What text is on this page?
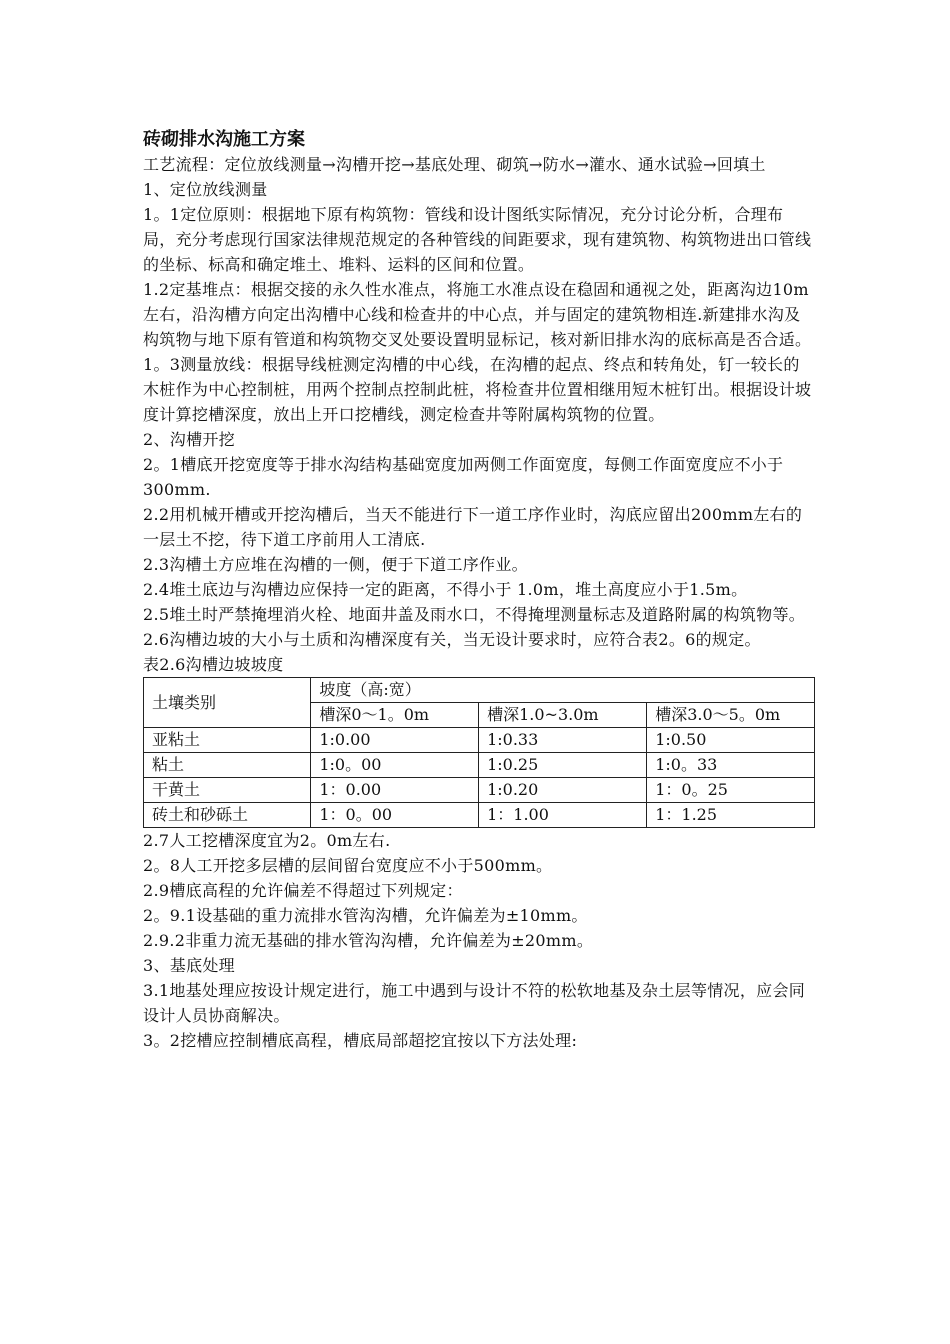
砖砌排水沟施工方案

工艺流程：定位放线测量→沟槽开挖→基底处理、砌筑→防水→灌水、通水试验→回填土

1、定位放线测量

1。1定位原则：根据地下原有构筑物：管线和设计图纸实际情况，充分讨论分析，合理布局，充分考虑现行国家法律规范规定的各种管线的间距要求，现有建筑物、构筑物进出口管线的坐标、标高和确定堆土、堆料、运料的区间和位置。

1.2定基堆点：根据交接的永久性水准点，将施工水准点设在稳固和通视之处，距离沟边10m左右，沿沟槽方向定出沟槽中心线和检查井的中心点，并与固定的建筑物相连.新建排水沟及构筑物与地下原有管道和构筑物交叉处要设置明显标记，核对新旧排水沟的底标高是否合适。

1。3测量放线：根据导线桩测定沟槽的中心线，在沟槽的起点、终点和转角处，钉一较长的木桩作为中心控制桩，用两个控制点控制此桩，将检查井位置相继用短木桩钉出。根据设计坡度计算挖槽深度，放出上开口挖槽线，测定检查井等附属构筑物的位置。

2、沟槽开挖

2。1槽底开挖宽度等于排水沟结构基础宽度加两侧工作面宽度，每侧工作面宽度应不小于300mm.

2.2用机械开槽或开挖沟槽后，当天不能进行下一道工序作业时，沟底应留出200mm左右的一层土不挖，待下道工序前用人工清底.

2.3沟槽土方应堆在沟槽的一侧，便于下道工序作业。

2.4堆土底边与沟槽边应保持一定的距离，不得小于 1.0m，堆土高度应小于1.5m。

2.5堆土时严禁掩埋消火栓、地面井盖及雨水口，不得掩埋测量标志及道路附属的构筑物等。

2.6沟槽边坡的大小与土质和沟槽深度有关，当无设计要求时，应符合表2。6的规定。

表2.6沟槽边坡坡度

土壤类别	坡度（高:宽）		
	槽深0～1。0m	槽深1.0~3.0m	槽深3.0～5。0m
亚粘土	1:0.00	1:0.33	1:0.50
粘土	1:0。00	1:0.25	1:0。33
干黄土	1：0.00	1:0.20	1：0。25
砖土和砂砾土	1：0。00	1：1.00	1：1.25

2.7人工挖槽深度宜为2。0m左右.

2。8人工开挖多层槽的层间留台宽度应不小于500mm。

2.9槽底高程的允许偏差不得超过下列规定：

2。9.1设基础的重力流排水管沟沟槽，允许偏差为±10mm。

2.9.2非重力流无基础的排水管沟沟槽，允许偏差为±20mm。

3、基底处理

3.1地基处理应按设计规定进行，施工中遇到与设计不符的松软地基及杂土层等情况，应会同设计人员协商解决。

3。2挖槽应控制槽底高程，槽底局部超挖宜按以下方法处理:
